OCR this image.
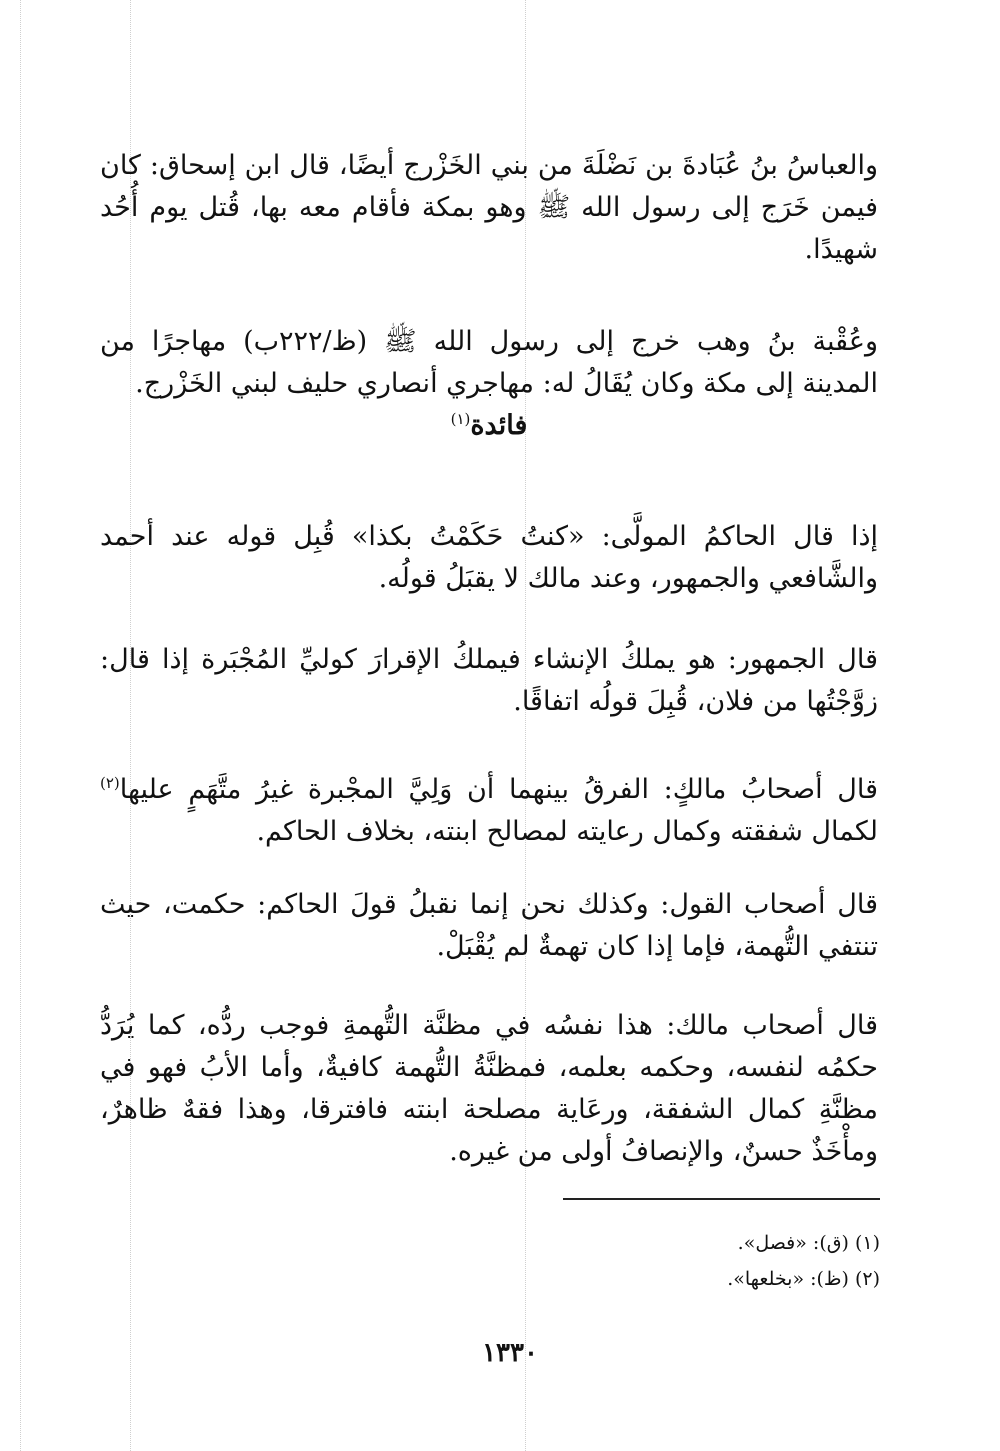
والعباسُ بنُ عُبَادةَ بن نَضْلَةَ من بني الخَزْرج أيضًا، قال ابن إسحاق: كان فيمن خَرَج إلى رسول الله ﷺ وهو بمكة فأقام معه بها، قُتل يوم أُحُد شهيدًا.

وعُقْبة بنُ وهب خرج إلى رسول الله ﷺ (ظ/٢٢٢ب) مهاجرًا من المدينة إلى مكة وكان يُقَالُ له: مهاجري أنصاري حليف لبني الخَزْرج.

فائدة$^{(١)}$

إذا قال الحاكمُ المولَّى: «كنتُ حَكَمْتُ بكذا» قُبِل قوله عند أحمد والشَّافعي والجمهور، وعند مالك لا يقبَلُ قولُه.

قال الجمهور: هو يملكُ الإنشاء فيملكُ الإقرارَ كوليِّ المُجْبَرة إذا قال: زوَّجْتُها من فلان، قُبِلَ قولُه اتفاقًا.

قال أصحابُ مالكٍ: الفرقُ بينهما أن وَلِيَّ المجْبرة غيرُ متَّهَمٍ عليها$^{(٢)}$ لكمال شفقته وكمال رعايته لمصالح ابنته، بخلاف الحاكم.

قال أصحاب القول: وكذلك نحن إنما نقبلُ قولَ الحاكم: حكمت، حيث تنتفي التُّهمة، فإما إذا كان تهمةٌ لم يُقْبَلْ.

قال أصحاب مالك: هذا نفسُه في مظنَّة التُّهمةِ فوجب ردُّه، كما يُرَدُّ حكمُه لنفسه، وحكمه بعلمه، فمظنَّةُ التُّهمة كافيةٌ، وأما الأبُ فهو في مظنَّةِ كمال الشفقة، ورعَاية مصلحة ابنته فافترقا، وهذا فقهٌ ظاهرٌ، ومأْخَذٌ حسنٌ، والإنصافُ أولى من غيره.

(١) (ق): «فصل».
(٢) (ظ): «بخلعها».
١٣٣٠
